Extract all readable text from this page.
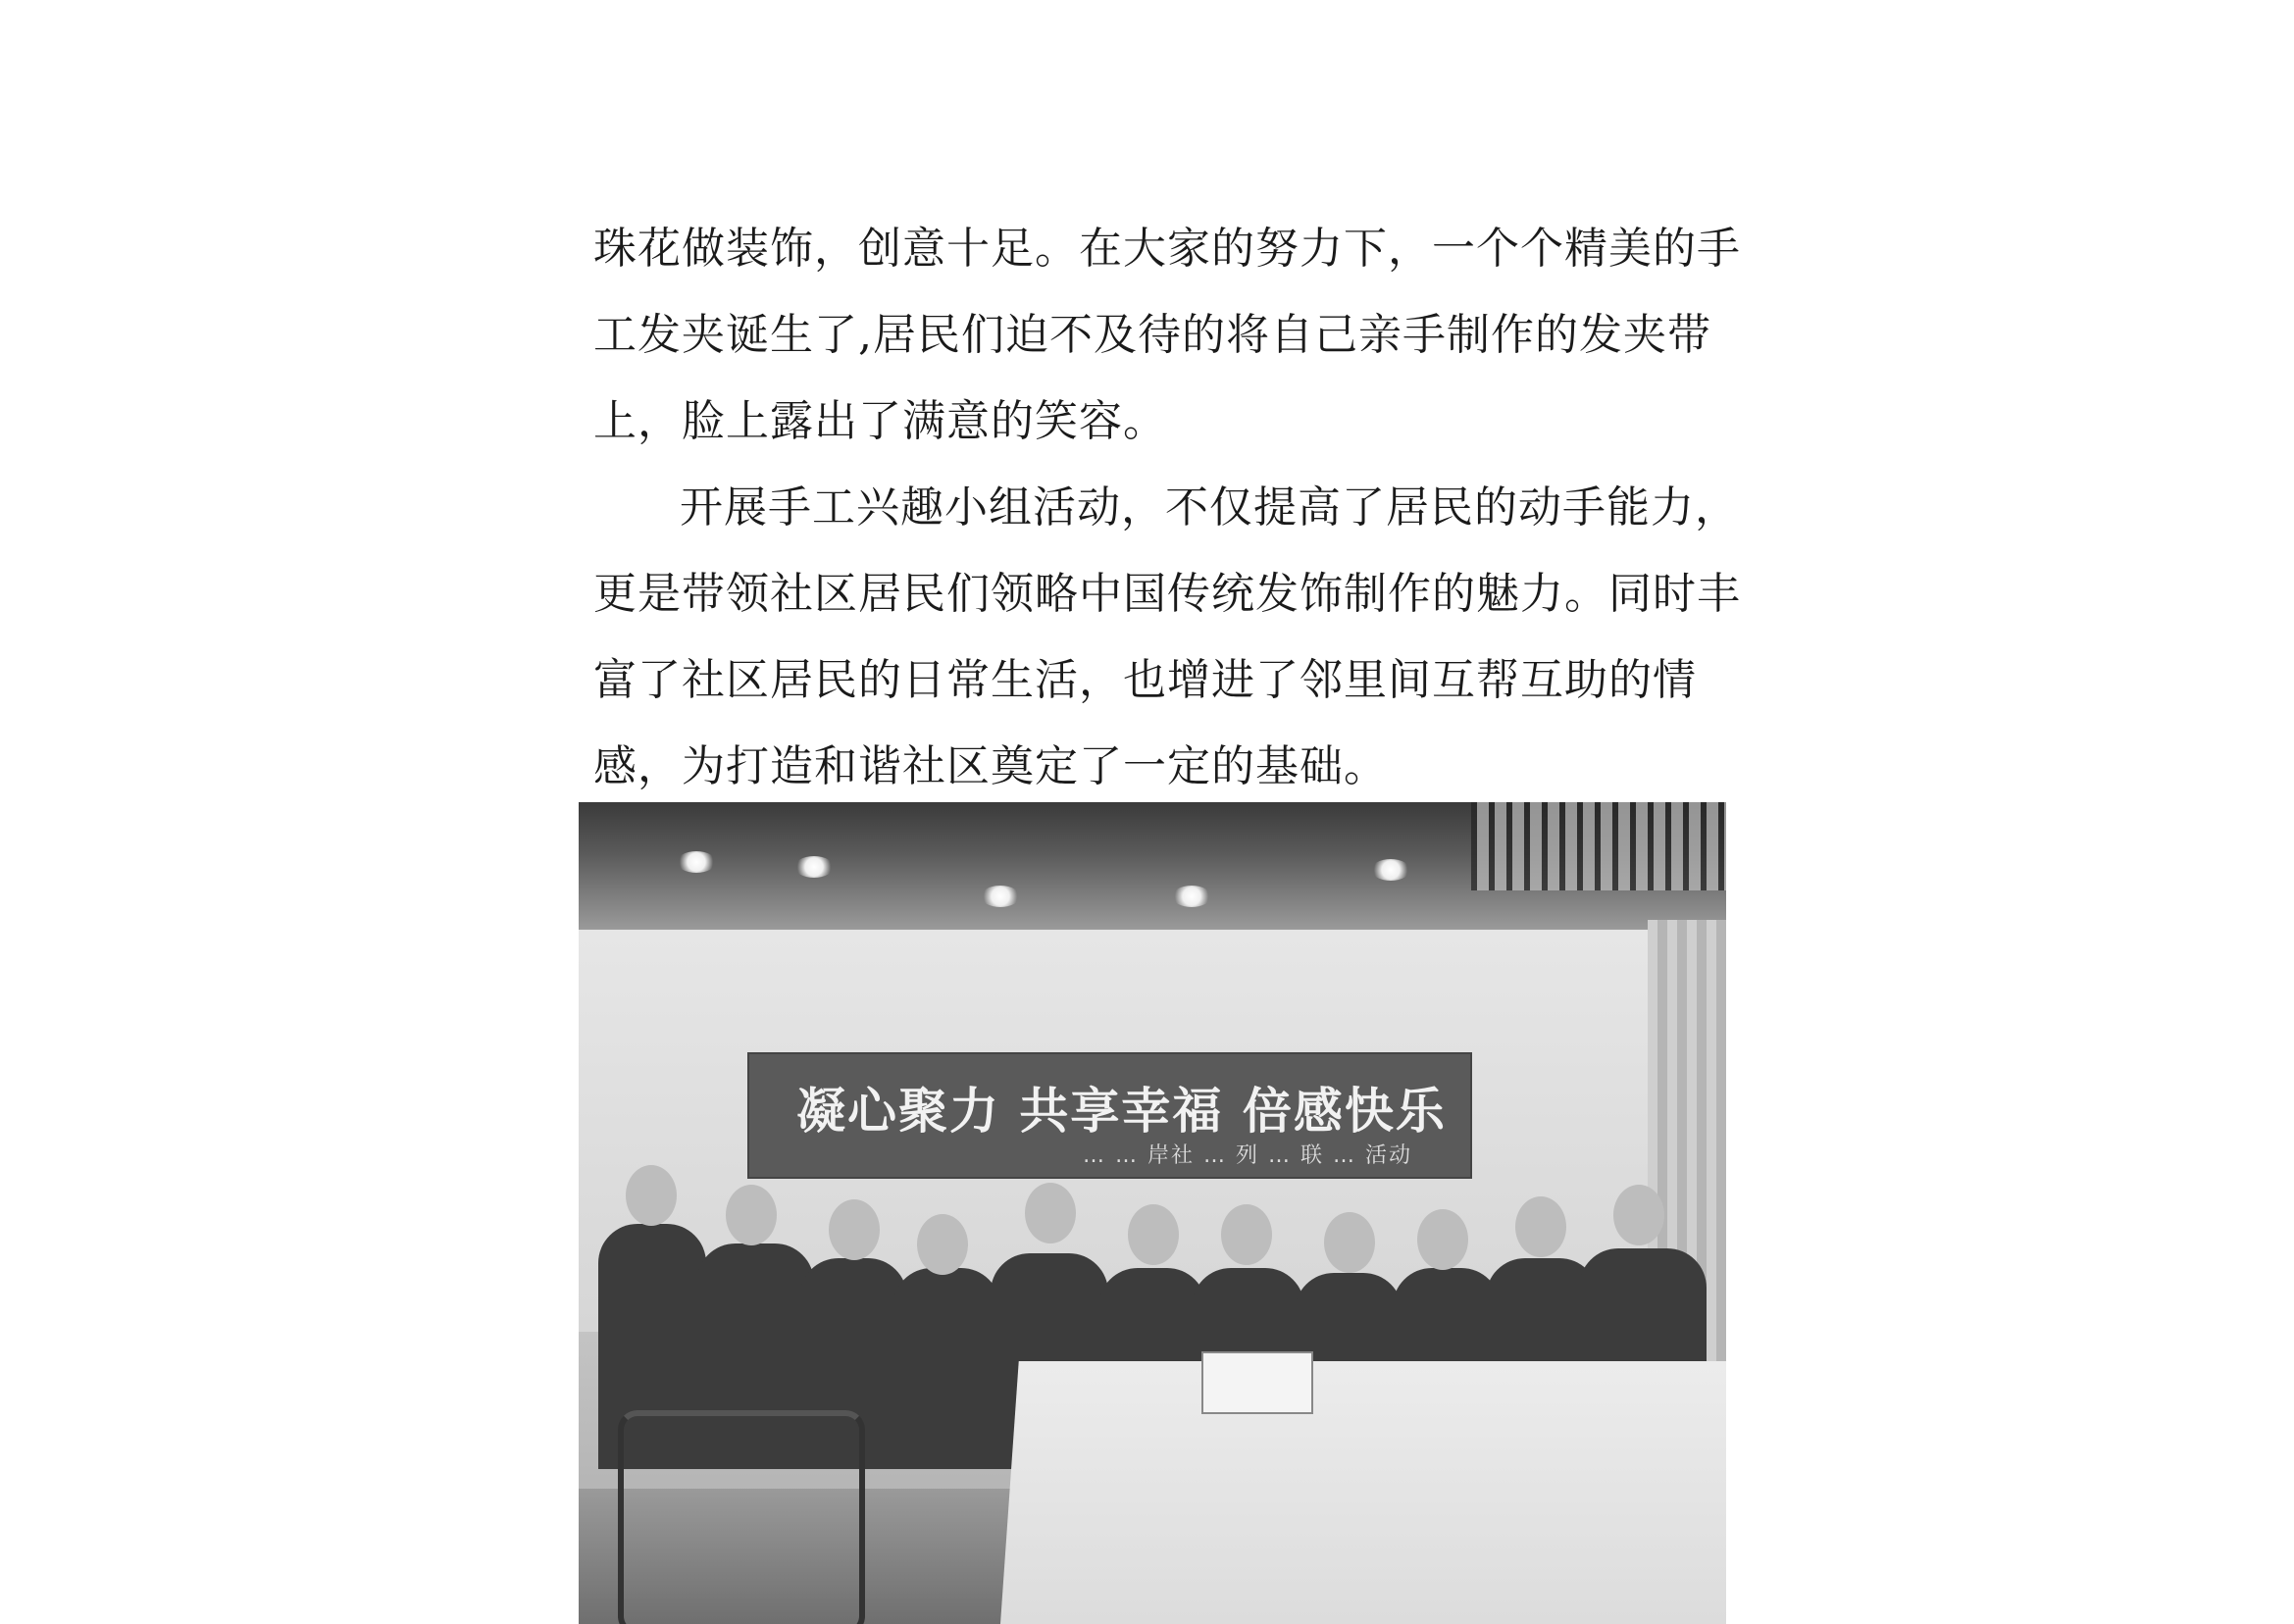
珠花做装饰，创意十足。在大家的努力下，一个个精美的手
工发夹诞生了,居民们迫不及待的将自己亲手制作的发夹带
上，脸上露出了满意的笑容。
开展手工兴趣小组活动，不仅提高了居民的动手能力，
更是带领社区居民们领略中国传统发饰制作的魅力。同时丰
富了社区居民的日常生活，也增进了邻里间互帮互助的情
感，为打造和谐社区奠定了一定的基础。
凝心聚力 共享幸福 倍感快乐
… … 岸社 … 列 … 联 … 活动
